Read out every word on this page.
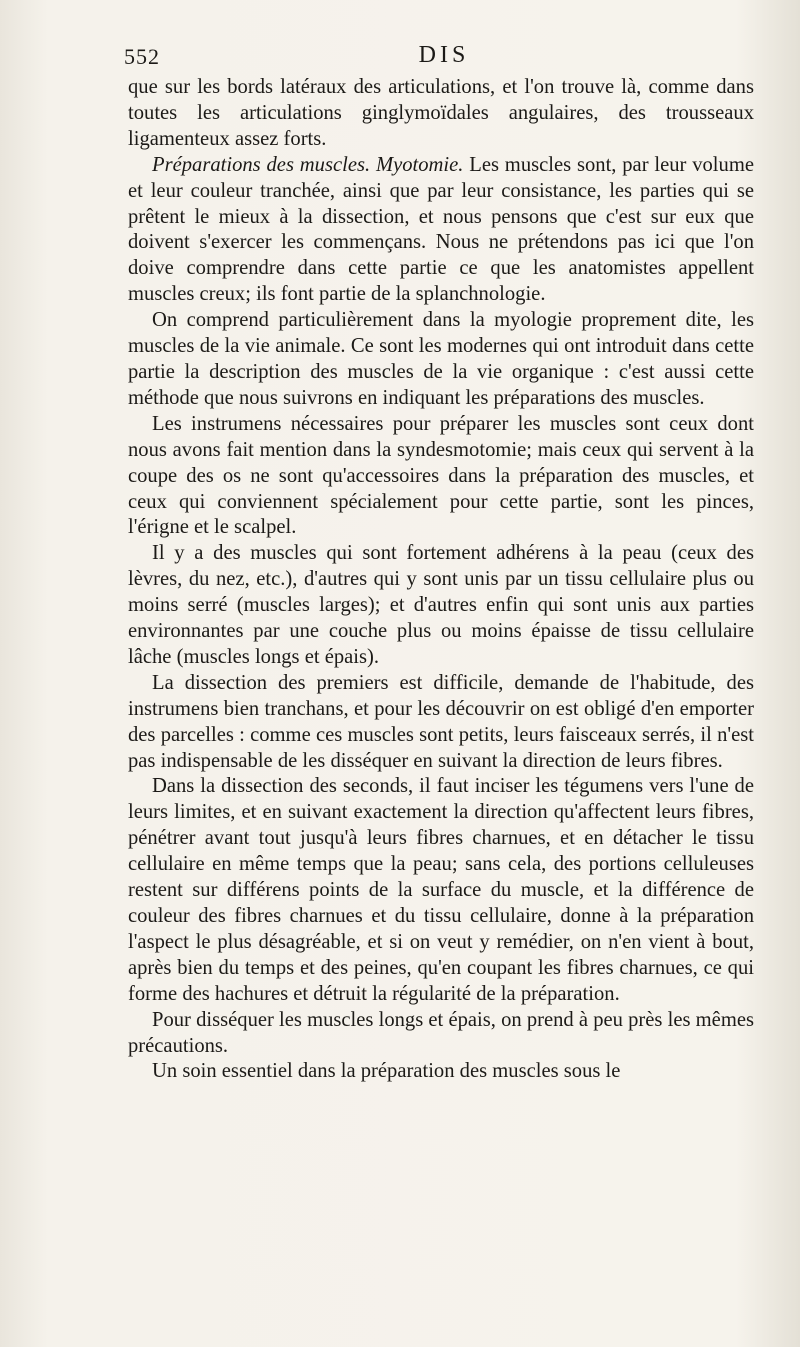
552	DIS

que sur les bords latéraux des articulations, et l'on trouve là, comme dans toutes les articulations ginglymoïdales angulaires, des trousseaux ligamenteux assez forts.

Préparations des muscles. Myotomie. Les muscles sont, par leur volume et leur couleur tranchée, ainsi que par leur consistance, les parties qui se prêtent le mieux à la dissection, et nous pensons que c'est sur eux que doivent s'exercer les commençans. Nous ne prétendons pas ici que l'on doive comprendre dans cette partie ce que les anatomistes appellent muscles creux; ils font partie de la splanchnologie.

On comprend particulièrement dans la myologie proprement dite, les muscles de la vie animale. Ce sont les modernes qui ont introduit dans cette partie la description des muscles de la vie organique : c'est aussi cette méthode que nous suivrons en indiquant les préparations des muscles.

Les instrumens nécessaires pour préparer les muscles sont ceux dont nous avons fait mention dans la syndesmotomie; mais ceux qui servent à la coupe des os ne sont qu'accessoires dans la préparation des muscles, et ceux qui conviennent spécialement pour cette partie, sont les pinces, l'érigne et le scalpel.

Il y a des muscles qui sont fortement adhérens à la peau (ceux des lèvres, du nez, etc.), d'autres qui y sont unis par un tissu cellulaire plus ou moins serré (muscles larges); et d'autres enfin qui sont unis aux parties environnantes par une couche plus ou moins épaisse de tissu cellulaire lâche (muscles longs et épais).

La dissection des premiers est difficile, demande de l'habitude, des instrumens bien tranchans, et pour les découvrir on est obligé d'en emporter des parcelles : comme ces muscles sont petits, leurs faisceaux serrés, il n'est pas indispensable de les disséquer en suivant la direction de leurs fibres.

Dans la dissection des seconds, il faut inciser les tégumens vers l'une de leurs limites, et en suivant exactement la direction qu'affectent leurs fibres, pénétrer avant tout jusqu'à leurs fibres charnues, et en détacher le tissu cellulaire en même temps que la peau; sans cela, des portions celluleuses restent sur différens points de la surface du muscle, et la différence de couleur des fibres charnues et du tissu cellulaire, donne à la préparation l'aspect le plus désagréable, et si on veut y remédier, on n'en vient à bout, après bien du temps et des peines, qu'en coupant les fibres charnues, ce qui forme des hachures et détruit la régularité de la préparation.

Pour disséquer les muscles longs et épais, on prend à peu près les mêmes précautions.

Un soin essentiel dans la préparation des muscles sous le
